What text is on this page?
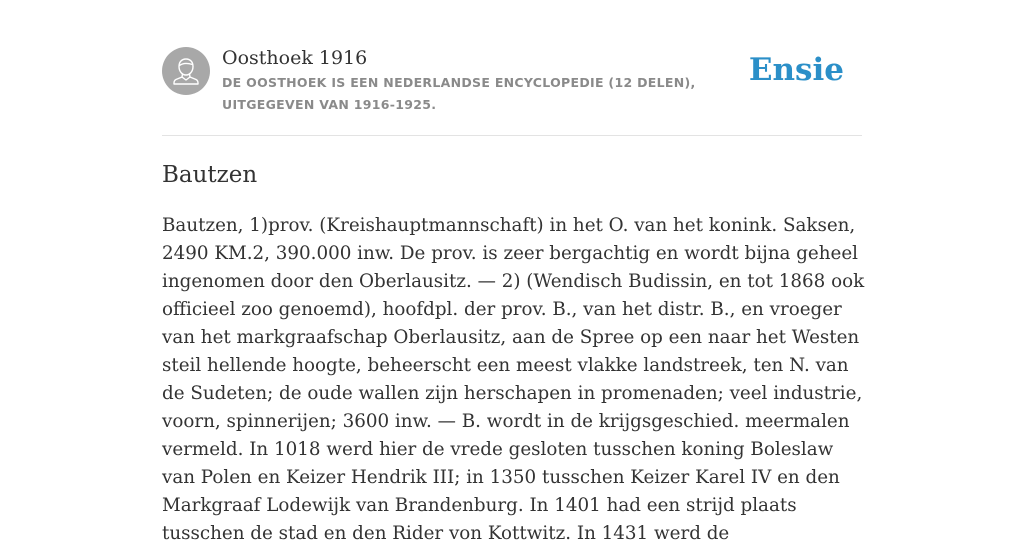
Oosthoek 1916
DE OOSTHOEK IS EEN NEDERLANDSE ENCYCLOPEDIE (12 DELEN), UITGEGEVEN VAN 1916-1925.
Ensie
Bautzen

Bautzen, 1)prov. (Kreishauptmannschaft) in het O. van het konink. Saksen, 2490 KM.2, 390.000 inw. De prov. is zeer bergachtig en wordt bijna geheel ingenomen door den Oberlausitz. — 2) (Wendisch Budissin, en tot 1868 ook officieel zoo genoemd), hoofdpl. der prov. B., van het distr. B., en vroeger van het markgraafschap Oberlausitz, aan de Spree op een naar het Westen steil hellende hoogte, beheerscht een meest vlakke landstreek, ten N. van de Sudeten; de oude wallen zijn herschapen in promenaden; veel industrie, voorn, spinnerijen; 3600 inw. — B. wordt in de krijgsgeschied. meermalen vermeld. In 1018 werd hier de vrede gesloten tusschen koning Boleslaw van Polen en Keizer Hendrik III; in 1350 tusschen Keizer Karel IV en den Markgraaf Lodewijk van Brandenburg. In 1401 had een strijd plaats tusschen de stad en den Rider von Kottwitz. In 1431 werd de
